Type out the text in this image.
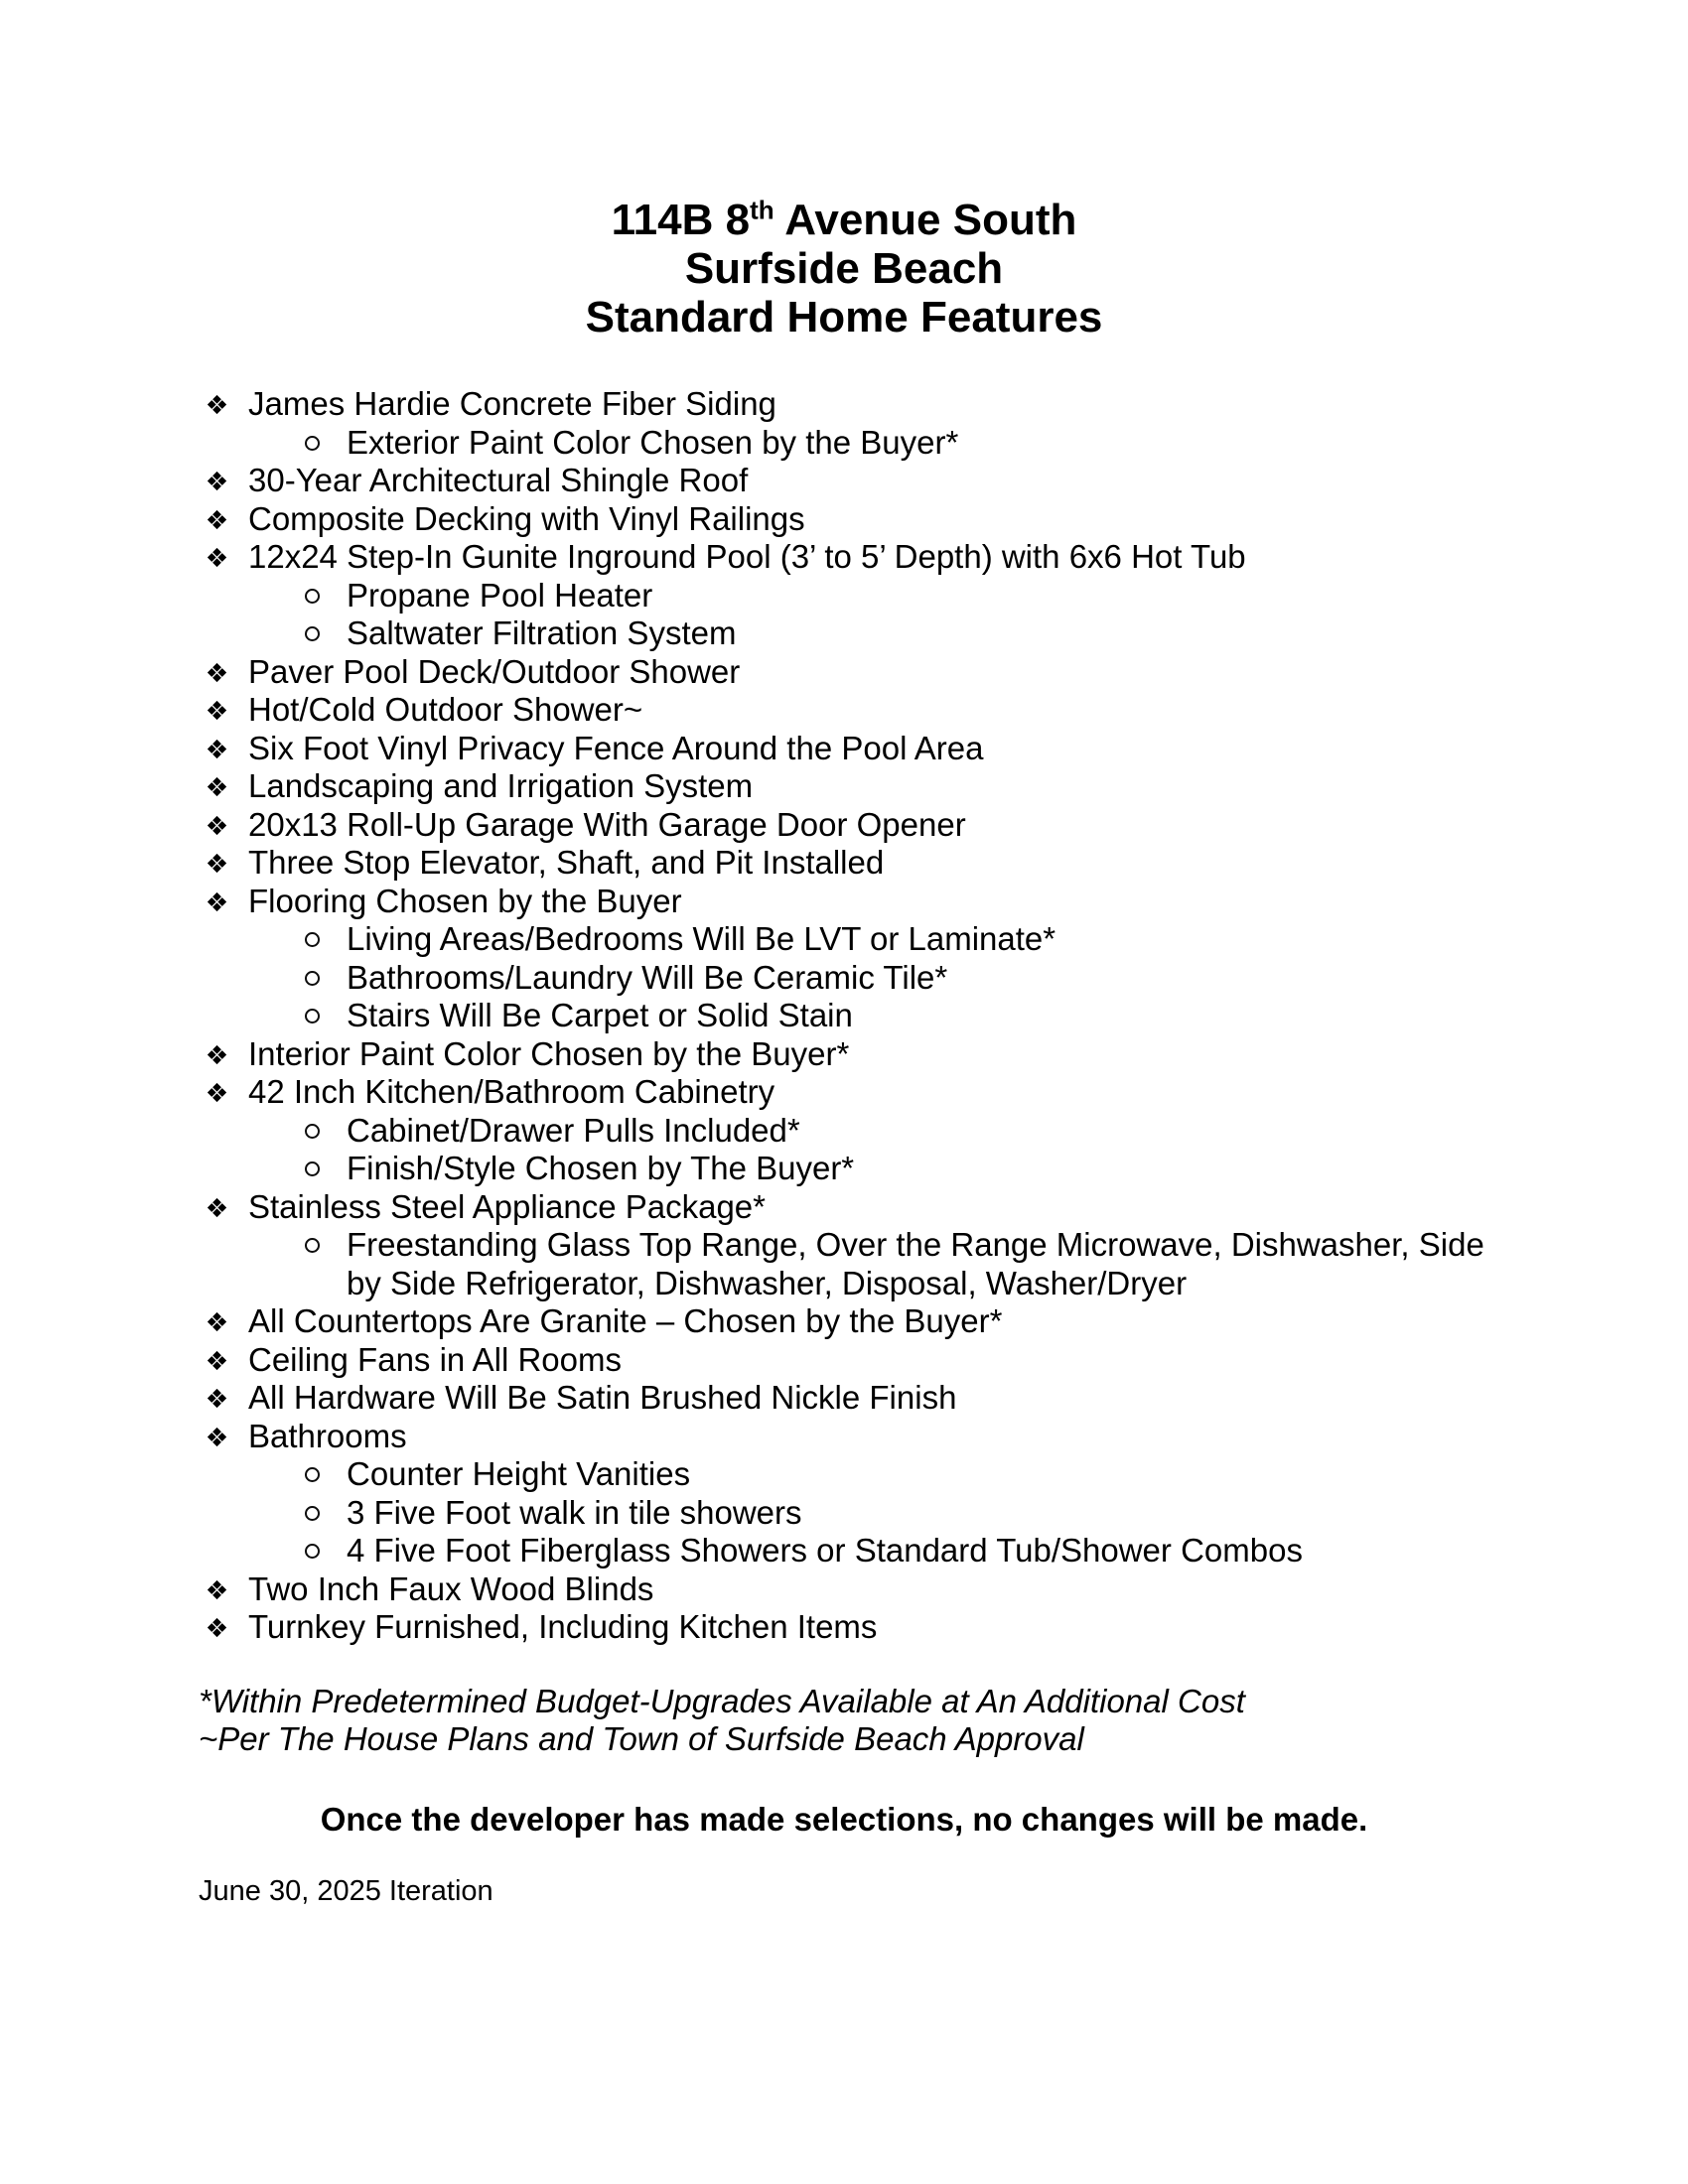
114B 8th Avenue South
Surfside Beach
Standard Home Features
James Hardie Concrete Fiber Siding
Exterior Paint Color Chosen by the Buyer*
30-Year Architectural Shingle Roof
Composite Decking with Vinyl Railings
12x24 Step-In Gunite Inground Pool (3’ to 5’ Depth) with 6x6 Hot Tub
Propane Pool Heater
Saltwater Filtration System
Paver Pool Deck/Outdoor Shower
Hot/Cold Outdoor Shower~
Six Foot Vinyl Privacy Fence Around the Pool Area
Landscaping and Irrigation System
20x13 Roll-Up Garage With Garage Door Opener
Three Stop Elevator, Shaft, and Pit Installed
Flooring Chosen by the Buyer
Living Areas/Bedrooms Will Be LVT or Laminate*
Bathrooms/Laundry Will Be Ceramic Tile*
Stairs Will Be Carpet or Solid Stain
Interior Paint Color Chosen by the Buyer*
42 Inch Kitchen/Bathroom Cabinetry
Cabinet/Drawer Pulls Included*
Finish/Style Chosen by The Buyer*
Stainless Steel Appliance Package*
Freestanding Glass Top Range, Over the Range Microwave, Dishwasher, Side by Side Refrigerator, Dishwasher, Disposal, Washer/Dryer
All Countertops Are Granite – Chosen by the Buyer*
Ceiling Fans in All Rooms
All Hardware Will Be Satin Brushed Nickle Finish
Bathrooms
Counter Height Vanities
3 Five Foot walk in tile showers
4 Five Foot Fiberglass Showers or Standard Tub/Shower Combos
Two Inch Faux Wood Blinds
Turnkey Furnished, Including Kitchen Items
*Within Predetermined Budget-Upgrades Available at An Additional Cost
~Per The House Plans and Town of Surfside Beach Approval

Once the developer has made selections, no changes will be made.

June 30, 2025 Iteration
